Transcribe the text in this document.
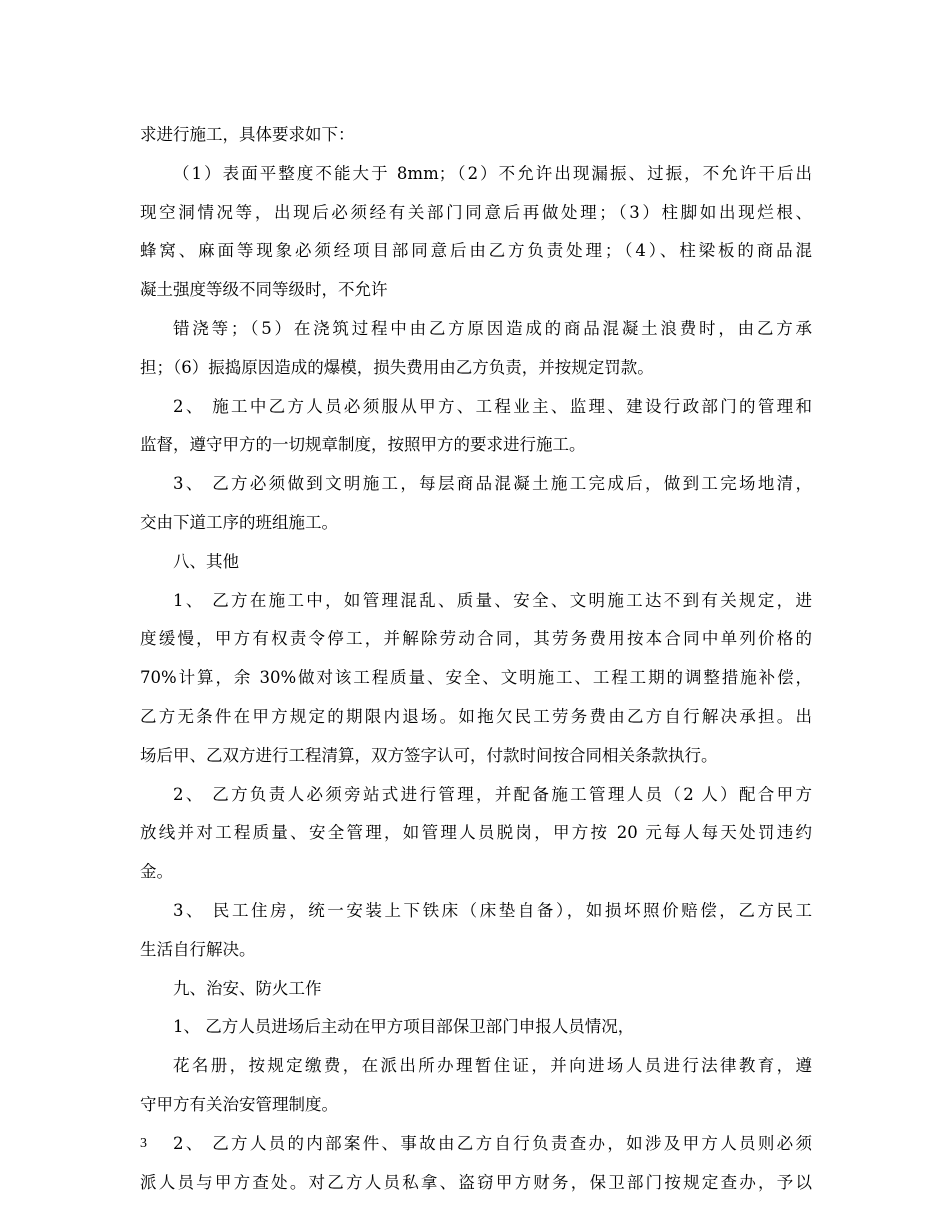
求进行施工，具体要求如下：
（1）表面平整度不能大于 8mm；（2）不允许出现漏振、过振，不允许干后出
现空洞情况等，出现后必须经有关部门同意后再做处理；（3）柱脚如出现烂根、
蜂窝、麻面等现象必须经项目部同意后由乙方负责处理；（4）、柱梁板的商品混
凝土强度等级不同等级时，不允许
错浇等；（5）在浇筑过程中由乙方原因造成的商品混凝土浪费时，由乙方承
担；（6）振捣原因造成的爆模，损失费用由乙方负责，并按规定罚款。
2、 施工中乙方人员必须服从甲方、工程业主、监理、建设行政部门的管理和
监督，遵守甲方的一切规章制度，按照甲方的要求进行施工。
3、 乙方必须做到文明施工，每层商品混凝土施工完成后，做到工完场地清，
交由下道工序的班组施工。
八、其他
1、 乙方在施工中，如管理混乱、质量、安全、文明施工达不到有关规定，进
度缓慢，甲方有权责令停工，并解除劳动合同，其劳务费用按本合同中单列价格的
70%计算，余 30%做对该工程质量、安全、文明施工、工程工期的调整措施补偿，
乙方无条件在甲方规定的期限内退场。如拖欠民工劳务费由乙方自行解决承担。出
场后甲、乙双方进行工程清算，双方签字认可，付款时间按合同相关条款执行。
2、 乙方负责人必须旁站式进行管理，并配备施工管理人员（2 人）配合甲方
放线并对工程质量、安全管理，如管理人员脱岗，甲方按 20 元每人每天处罚违约
金。
3、 民工住房，统一安装上下铁床（床垫自备），如损坏照价赔偿，乙方民工
生活自行解决。
九、治安、防火工作
1、 乙方人员进场后主动在甲方项目部保卫部门申报人员情况，
花名册，按规定缴费，在派出所办理暂住证，并向进场人员进行法律教育，遵
守甲方有关治安管理制度。
2、 乙方人员的内部案件、事故由乙方自行负责查办，如涉及甲方人员则必须
派人员与甲方查处。对乙方人员私拿、盗窃甲方财务，保卫部门按规定查办，予以
3
